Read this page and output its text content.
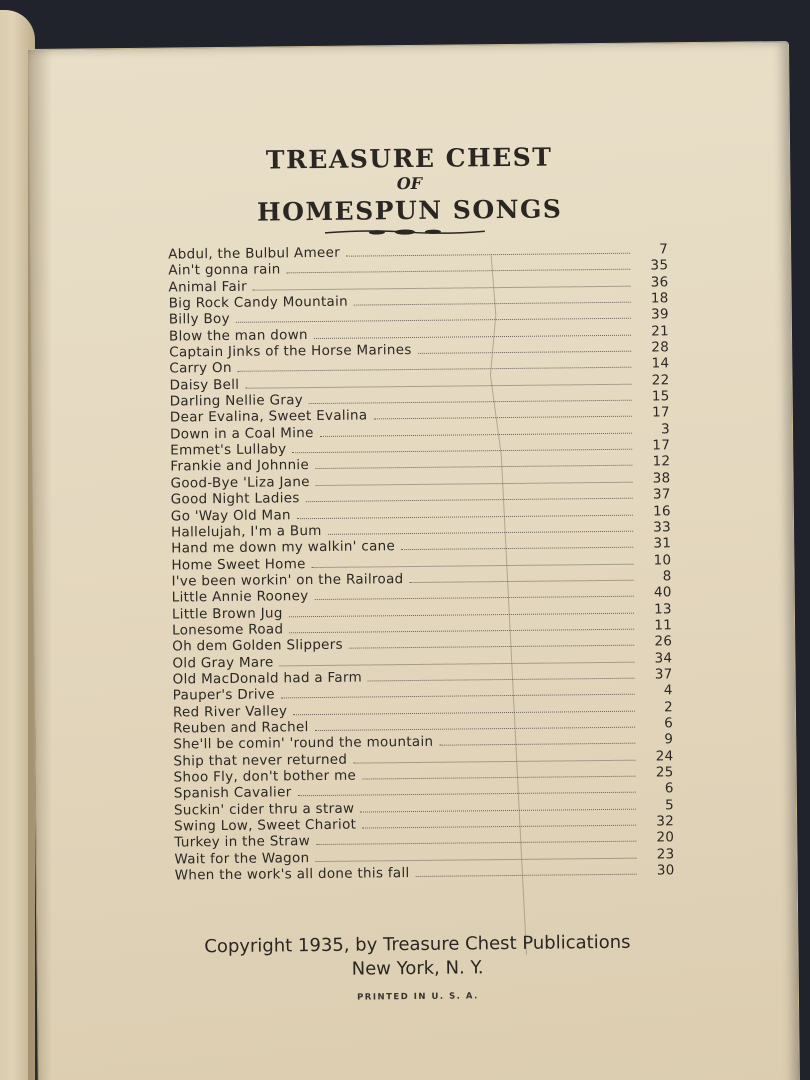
TREASURE CHEST
OF
HOMESPUN SONGS
Abdul, the Bulbul Ameer	7
Ain't gonna rain	35
Animal Fair	36
Big Rock Candy Mountain	18
Billy Boy	39
Blow the man down	21
Captain Jinks of the Horse Marines	28
Carry On	14
Daisy Bell	22
Darling Nellie Gray	15
Dear Evalina, Sweet Evalina	17
Down in a Coal Mine	3
Emmet's Lullaby	17
Frankie and Johnnie	12
Good-Bye 'Liza Jane	38
Good Night Ladies	37
Go 'Way Old Man	16
Hallelujah, I'm a Bum	33
Hand me down my walkin' cane	31
Home Sweet Home	10
I've been workin' on the Railroad	8
Little Annie Rooney	40
Little Brown Jug	13
Lonesome Road	11
Oh dem Golden Slippers	26
Old Gray Mare	34
Old MacDonald had a Farm	37
Pauper's Drive	4
Red River Valley	2
Reuben and Rachel	6
She'll be comin' 'round the mountain	9
Ship that never returned	24
Shoo Fly, don't bother me	25
Spanish Cavalier	6
Suckin' cider thru a straw	5
Swing Low, Sweet Chariot	32
Turkey in the Straw	20
Wait for the Wagon	23
When the work's all done this fall	30
Copyright 1935, by Treasure Chest Publications
New York, N. Y.
PRINTED IN U. S. A.
